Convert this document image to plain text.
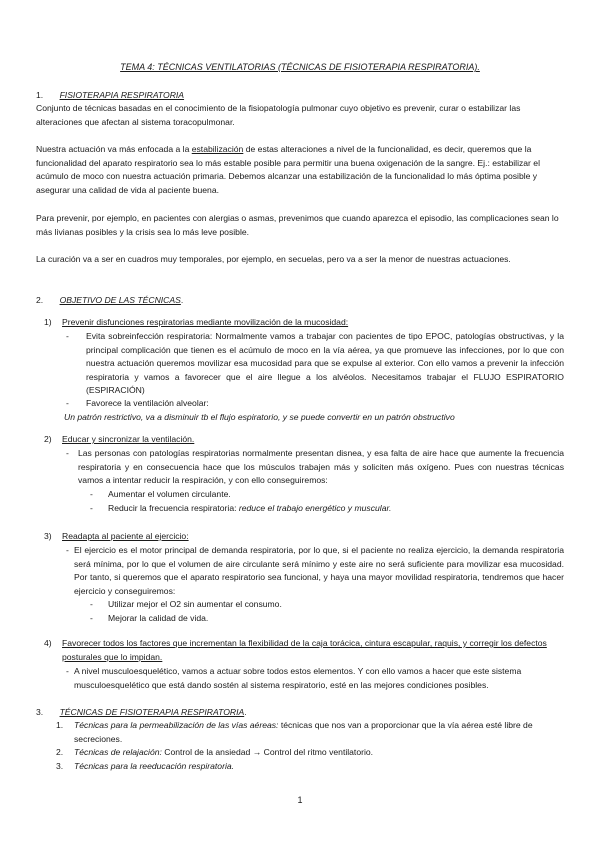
TEMA 4: TÉCNICAS VENTILATORIAS (TÉCNICAS DE FISIOTERAPIA RESPIRATORIA).
1. FISIOTERAPIA RESPIRATORIA
Conjunto de técnicas basadas en el conocimiento de la fisiopatología pulmonar cuyo objetivo es prevenir, curar o estabilizar las alteraciones que afectan al sistema toracopulmonar.
Nuestra actuación va más enfocada a la estabilización de estas alteraciones a nivel de la funcionalidad, es decir, queremos que la funcionalidad del aparato respiratorio sea lo más estable posible para permitir una buena oxigenación de la sangre. Ej.: estabilizar el acúmulo de moco con nuestra actuación primaria. Debemos alcanzar una estabilización de la funcionalidad lo más óptima posible y asegurar una calidad de vida al paciente buena.
Para prevenir, por ejemplo, en pacientes con alergias o asmas, prevenimos que cuando aparezca el episodio, las complicaciones sean lo más livianas posibles y la crisis sea lo más leve posible.
La curación va a ser en cuadros muy temporales, por ejemplo, en secuelas, pero va a ser la menor de nuestras actuaciones.
2. OBJETIVO DE LAS TÉCNICAS.
1) Prevenir disfunciones respiratorias mediante movilización de la mucosidad:
- Evita sobreinfección respiratoria: Normalmente vamos a trabajar con pacientes de tipo EPOC, patologías obstructivas, y la principal complicación que tienen es el acúmulo de moco en la vía aérea, ya que promueve las infecciones, por lo que con nuestra actuación queremos movilizar esa mucosidad para que se expulse al exterior. Con ello vamos a prevenir la infección respiratoria y vamos a favorecer que el aire llegue a los alvéolos. Necesitamos trabajar el FLUJO ESPIRATORIO (ESPIRACIÓN)
- Favorece la ventilación alveolar:
Un patrón restrictivo, va a disminuir tb el flujo espiratorio, y se puede convertir en un patrón obstructivo
2) Educar y sincronizar la ventilación.
- Las personas con patologías respiratorias normalmente presentan disnea, y esa falta de aire hace que aumente la frecuencia respiratoria y en consecuencia hace que los músculos trabajen más y soliciten más oxígeno. Pues con nuestras técnicas vamos a intentar reducir la respiración, y con ello conseguiremos:
- Aumentar el volumen circulante.
- Reducir la frecuencia respiratoria: reduce el trabajo energético y muscular.
3) Readapta al paciente al ejercicio:
- El ejercicio es el motor principal de demanda respiratoria, por lo que, si el paciente no realiza ejercicio, la demanda respiratoria será mínima, por lo que el volumen de aire circulante será mínimo y este aire no será suficiente para movilizar esa mucosidad. Por tanto, si queremos que el aparato respiratorio sea funcional, y haya una mayor movilidad respiratoria, tendremos que hacer ejercicio y conseguiremos:
- Utilizar mejor el O2 sin aumentar el consumo.
- Mejorar la calidad de vida.
4) Favorecer todos los factores que incrementan la flexibilidad de la caja torácica, cintura escapular, raquis, y corregir los defectos posturales que lo impidan.
- A nivel musculoesquelético, vamos a actuar sobre todos estos elementos. Y con ello vamos a hacer que este sistema musculoesquelético que está dando sostén al sistema respiratorio, esté en las mejores condiciones posibles.
3. TÉCNICAS DE FISIOTERAPIA RESPIRATORIA.
1. Técnicas para la permeabilización de las vías aéreas: técnicas que nos van a proporcionar que la vía aérea esté libre de secreciones.
2. Técnicas de relajación: Control de la ansiedad → Control del ritmo ventilatorio.
3. Técnicas para la reeducación respiratoria.
1
